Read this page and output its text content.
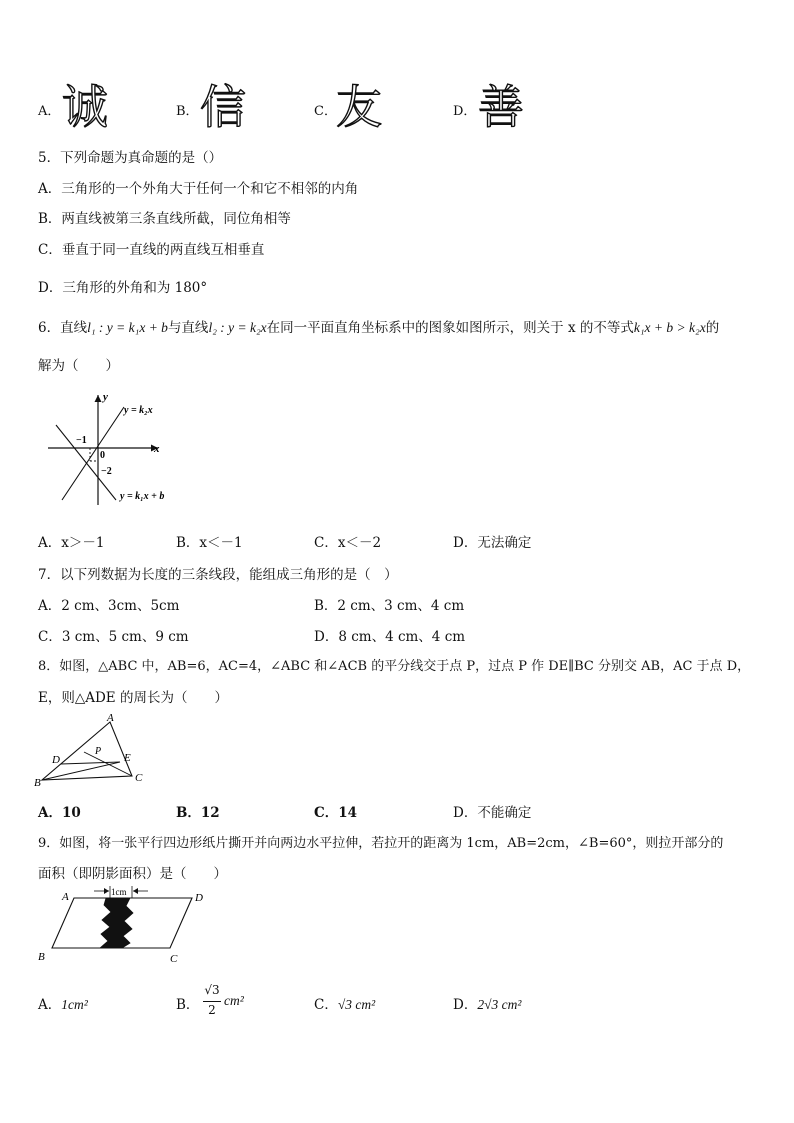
A． 诚	B． 信	C． 友	D． 善
5．下列命题为真命题的是（）
A．三角形的一个外角大于任何一个和它不相邻的内角
B．两直线被第三条直线所截，同位角相等
C．垂直于同一直线的两直线互相垂直
D．三角形的外角和为 180°
6．直线l₁ : y = k₁x + b与直线l₂ : y = k₂x在同一平面直角坐标系中的图象如图所示，则关于 x 的不等式k₁x + b > k₂x的
解为（　　）
y
x
0
−1
−2
y = k₂x
y = k₁x + b
A．x＞－1	B．x＜－1	C．x＜－2	D．无法确定
7．以下列数据为长度的三条线段，能组成三角形的是（　）
A．2 cm、3cm、5cm	B．2 cm、3 cm、4 cm
C．3 cm、5 cm、9 cm	D．8 cm、4 cm、4 cm
8．如图，△ABC 中，AB=6，AC=4，∠ABC 和∠ACB 的平分线交于点 P，过点 P 作 DE∥BC 分别交 AB，AC 于点 D，
E，则△ADE 的周长为（　　）
A
B	C
D	E
P
A．10	B．12	C．14	D．不能确定
9．如图，将一张平行四边形纸片撕开并向两边水平拉伸，若拉开的距离为 1cm，AB=2cm，∠B=60°，则拉开部分的
面积（即阴影面积）是（　　）
1cm
A	D
B	C
A．1cm²	B．
√3
2
cm²	C．√3 cm²	D．2√3 cm²
